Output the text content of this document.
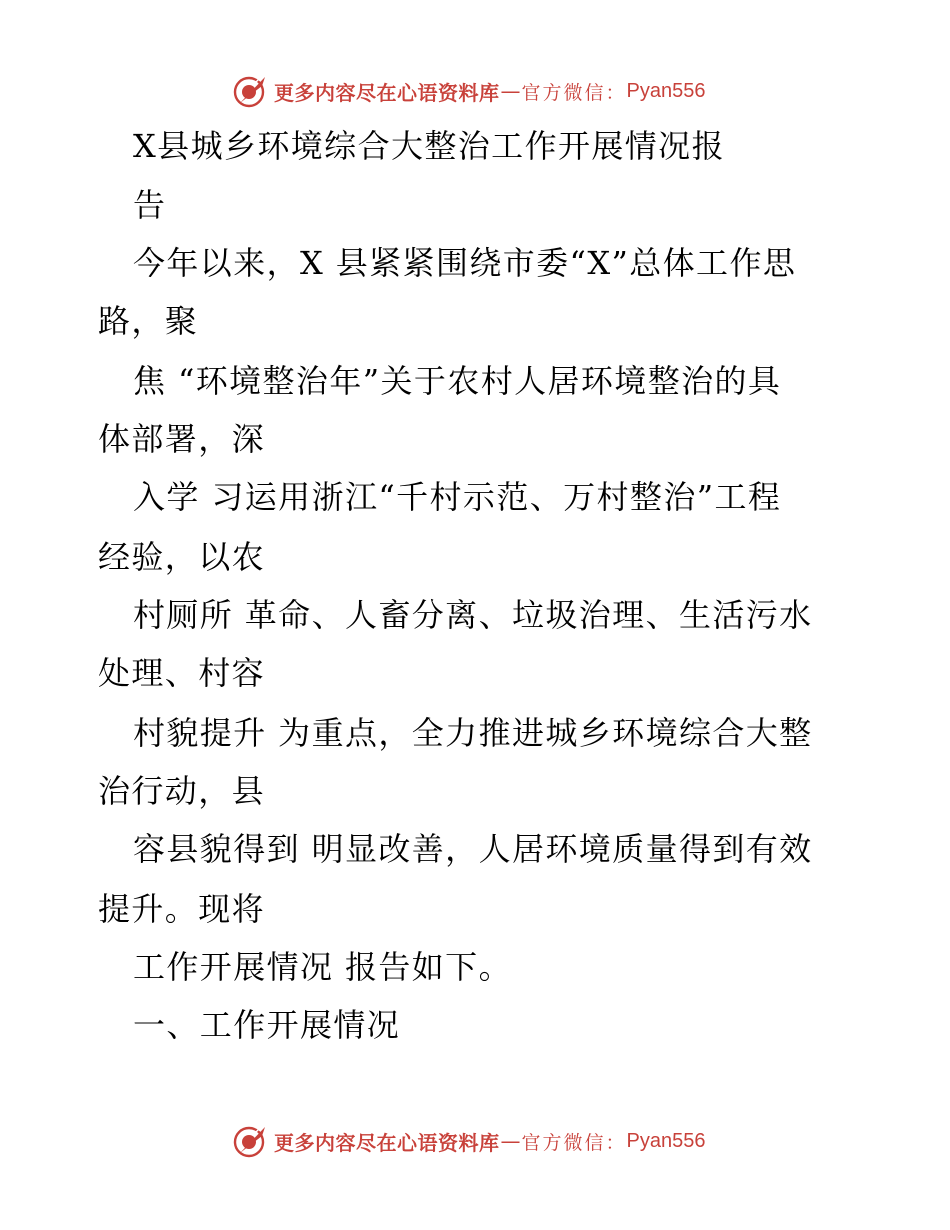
更多内容尽在心语资料库 — 官方微信： Pyan556
X县城乡环境综合大整治工作开展情况报
告
今年以来，X 县紧紧围绕市委“X”总体工作思
路，聚
焦 “环境整治年”关于农村人居环境整治的具
体部署，深
入学 习运用浙江“千村示范、万村整治”工程
经验，以农
村厕所 革命、人畜分离、垃圾治理、生活污水
处理、村容
村貌提升 为重点，全力推进城乡环境综合大整
治行动，县
容县貌得到 明显改善，人居环境质量得到有效
提升。现将
工作开展情况 报告如下。
一、工作开展情况
更多内容尽在心语资料库 — 官方微信： Pyan556
